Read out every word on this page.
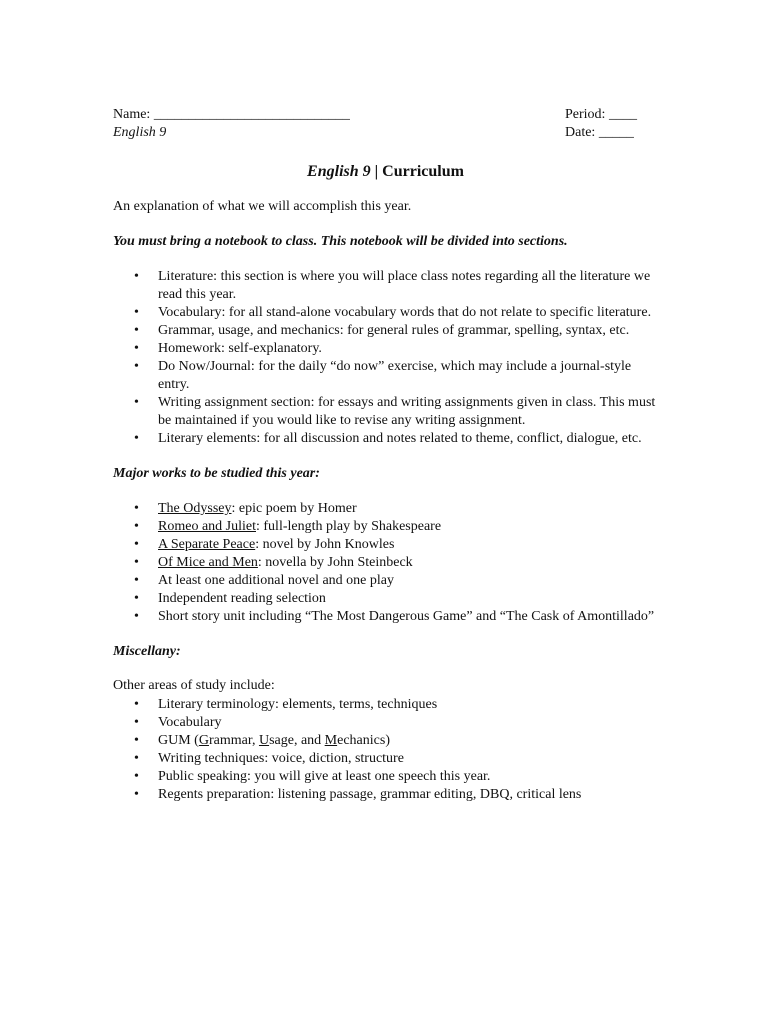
Name: ____________________________	Period: ____
English 9	Date: _____
English 9 | Curriculum
An explanation of what we will accomplish this year.
You must bring a notebook to class. This notebook will be divided into sections.
• Literature: this section is where you will place class notes regarding all the literature we read this year.
• Vocabulary: for all stand-alone vocabulary words that do not relate to specific literature.
• Grammar, usage, and mechanics: for general rules of grammar, spelling, syntax, etc.
• Homework: self-explanatory.
• Do Now/Journal: for the daily “do now” exercise, which may include a journal-style entry.
• Writing assignment section: for essays and writing assignments given in class. This must be maintained if you would like to revise any writing assignment.
• Literary elements: for all discussion and notes related to theme, conflict, dialogue, etc.
Major works to be studied this year:
• The Odyssey: epic poem by Homer
• Romeo and Juliet: full-length play by Shakespeare
• A Separate Peace: novel by John Knowles
• Of Mice and Men: novella by John Steinbeck
• At least one additional novel and one play
• Independent reading selection
• Short story unit including “The Most Dangerous Game” and “The Cask of Amontillado”
Miscellany:
Other areas of study include:
• Literary terminology: elements, terms, techniques
• Vocabulary
• GUM (Grammar, Usage, and Mechanics)
• Writing techniques: voice, diction, structure
• Public speaking: you will give at least one speech this year.
• Regents preparation: listening passage, grammar editing, DBQ, critical lens
